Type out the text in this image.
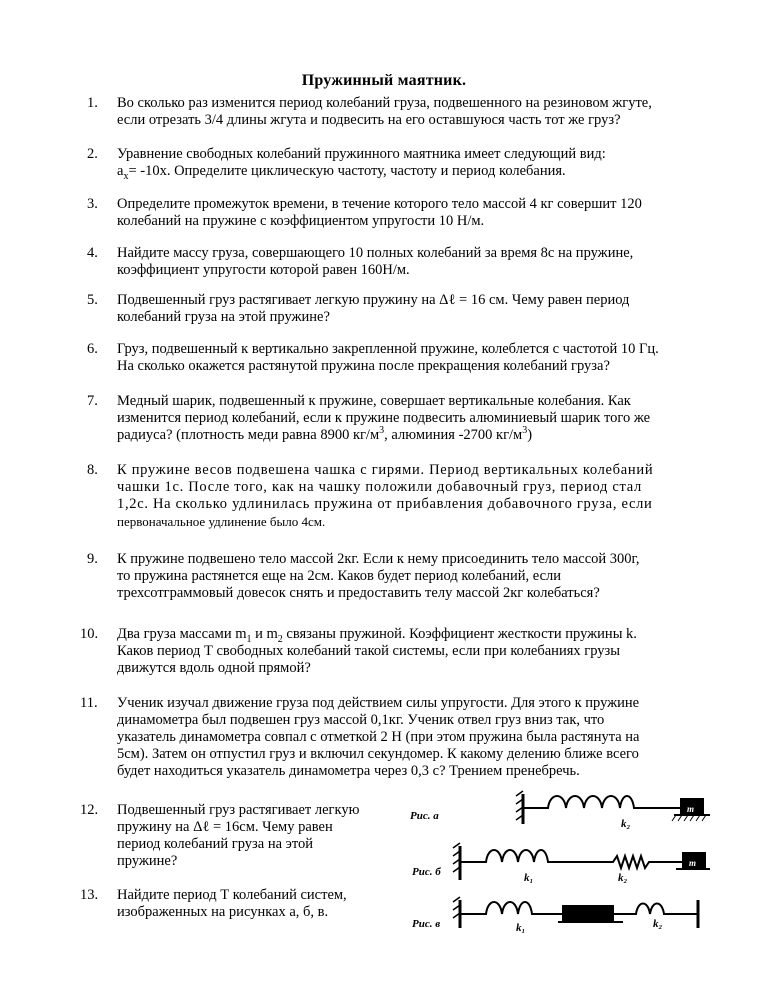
Пружинный маятник.
1.	Во сколько раз изменится период колебаний груза, подвешенного на резиновом жгуте,
если отрезать 3/4 длины жгута и подвесить на его оставшуюся часть тот же груз?
2.	Уравнение свободных колебаний пружинного маятника имеет следующий вид:
$a_x= -10x$. Определите циклическую частоту, частоту и период колебания.
3.	Определите промежуток времени, в течение которого тело массой 4 кг совершит 120
колебаний на пружине с коэффициентом упругости 10 Н/м.
4.	Найдите массу груза, совершающего 10 полных колебаний за время 8с на пружине,
коэффициент упругости которой равен 160Н/м.
5.	Подвешенный груз растягивает легкую пружину на Δℓ = 16 см. Чему равен период
колебаний груза на этой пружине?
6.	Груз, подвешенный к вертикально закрепленной пружине, колеблется с частотой 10 Гц.
На сколько окажется растянутой пружина после прекращения колебаний груза?
7.	Медный шарик, подвешенный к пружине, совершает вертикальные колебания. Как
изменится период колебаний, если к пружине подвесить алюминиевый шарик того же
радиуса? (плотность меди равна 8900 $кг/м^3$, алюминия -2700 $кг/м^3$)
8.	К пружине весов подвешена чашка с гирями. Период вертикальных колебаний
чашки 1с. После того, как на чашку положили добавочный груз, период стал
1,2с. На сколько удлинилась пружина от прибавления добавочного груза, если
первоначальное удлинение было 4см.
9.	К пружине подвешено тело массой 2кг. Если к нему присоединить тело массой 300г,
то пружина растянется еще на 2см. Каков будет период колебаний, если
трехсотграммовый довесок снять и предоставить телу массой 2кг колебаться?
10.	Два груза массами $m_1$ и $m_2$ связаны пружиной. Коэффициент жесткости пружины k.
Каков период Т свободных колебаний такой системы, если при колебаниях грузы
движутся вдоль одной прямой?
11.	Ученик изучал движение груза под действием силы упругости. Для этого к пружине
динамометра был подвешен груз массой 0,1кг. Ученик отвел груз вниз так, что
указатель динамометра совпал с отметкой 2 Н (при этом пружина была растянута на
5см). Затем он отпустил груз и включил секундомер. К какому делению ближе всего
будет находиться указатель динамометра через 0,3 с? Трением пренебречь.
12.	Подвешенный груз растягивает легкую
пружину на Δℓ = 16см. Чему равен
период колебаний груза на этой
пружине?
13.	Найдите период Т колебаний систем,
изображенных на рисунках а, б, в.
Рис. а
Рис. б
Рис. в
m
k₂
m
k₁	k₂
k₁	k₂
